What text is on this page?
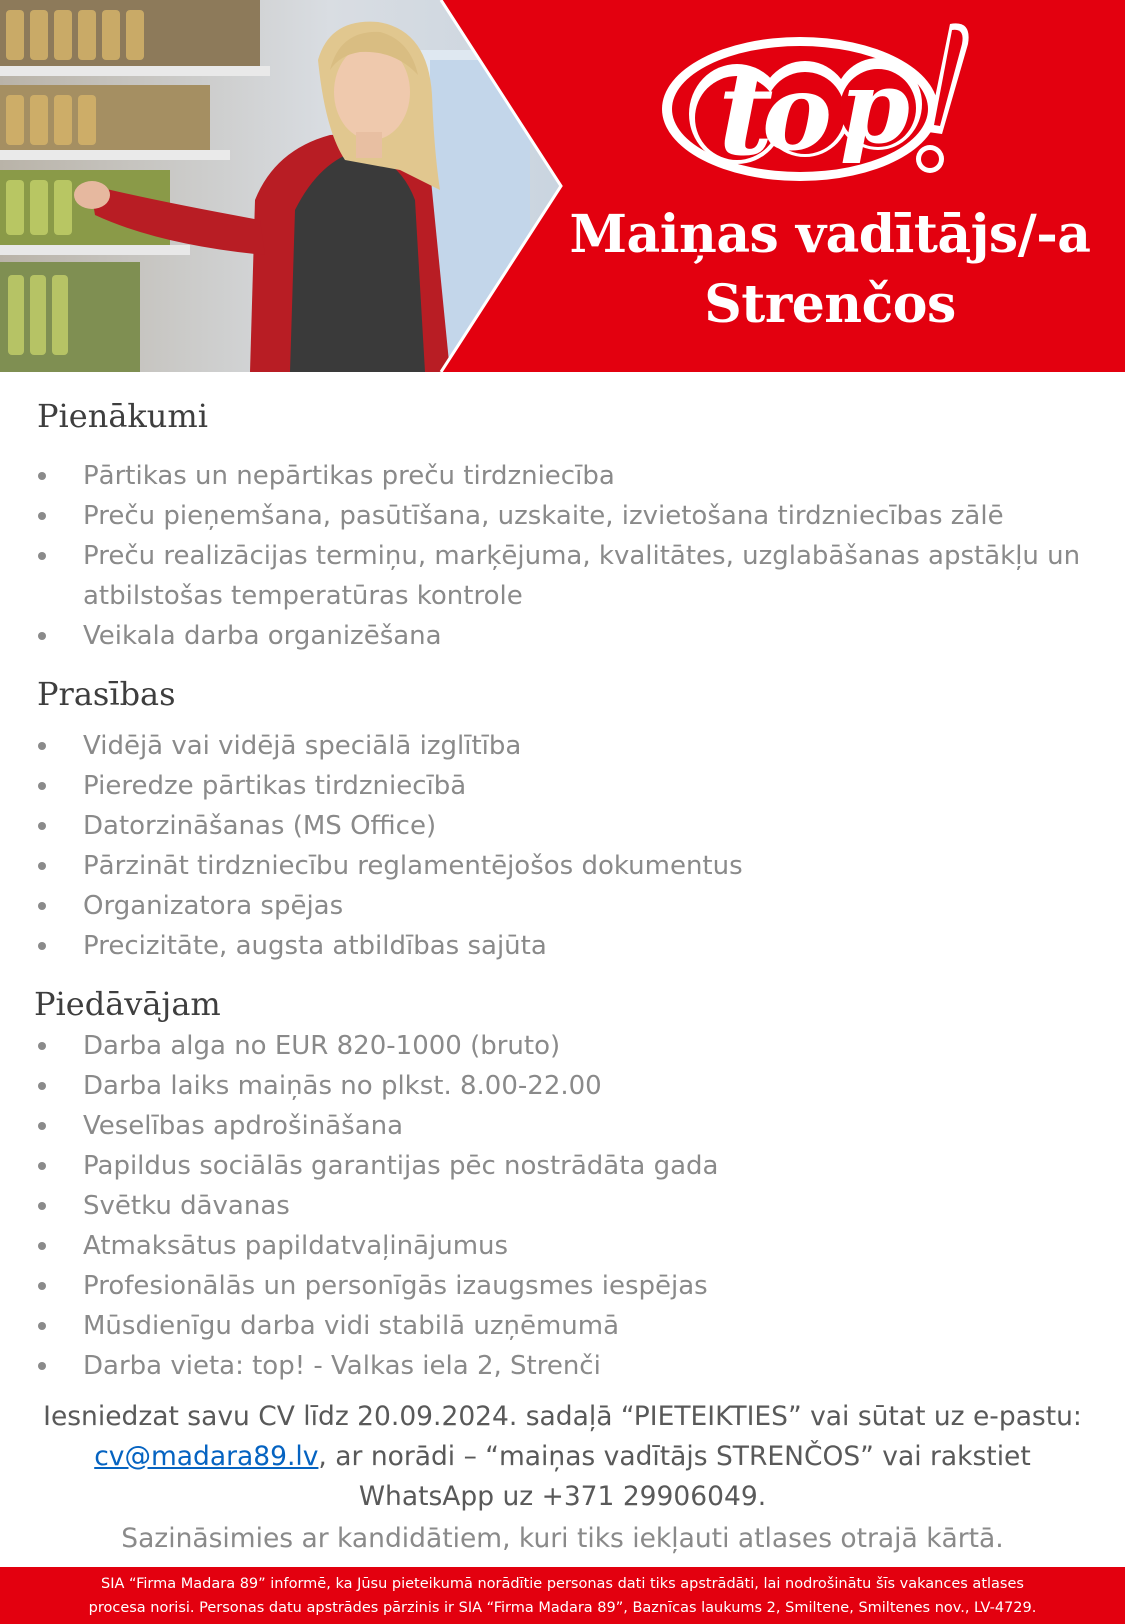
t
o p
Maiņas vadītājs/-a
Strenčos
Pienākumi
Pārtikas un nepārtikas preču tirdzniecība
Preču pieņemšana, pasūtīšana, uzskaite, izvietošana tirdzniecības zālē
Preču realizācijas termiņu, marķējuma, kvalitātes, uzglabāšanas apstākļu un atbilstošas temperatūras kontrole
Veikala darba organizēšana
Prasības
Vidējā vai vidējā speciālā izglītība
Pieredze pārtikas tirdzniecībā
Datorzināšanas (MS Office)
Pārzināt tirdzniecību reglamentējošos dokumentus
Organizatora spējas
Precizitāte, augsta atbildības sajūta
Piedāvājam
Darba alga no EUR 820-1000 (bruto)
Darba laiks maiņās no plkst. 8.00-22.00
Veselības apdrošināšana
Papildus sociālās garantijas pēc nostrādāta gada
Svētku dāvanas
Atmaksātus papildatvaļinājumus
Profesionālās un personīgās izaugsmes iespējas
Mūsdienīgu darba vidi stabilā uzņēmumā
Darba vieta: top! - Valkas iela 2, Strenči
Iesniedzat savu CV līdz 20.09.2024. sadaļā “PIETEIKTIES” vai sūtat uz e-pastu:
cv@madara89.lv, ar norādi – “maiņas vadītājs STRENČOS” vai rakstiet
WhatsApp uz +371 29906049.
Sazināsimies ar kandidātiem, kuri tiks iekļauti atlases otrajā kārtā.
SIA “Firma Madara 89” informē, ka Jūsu pieteikumā norādītie personas dati tiks apstrādāti, lai nodrošinātu šīs vakances atlases
procesa norisi. Personas datu apstrādes pārzinis ir SIA “Firma Madara 89”, Baznīcas laukums 2, Smiltene, Smiltenes nov., LV-4729.
